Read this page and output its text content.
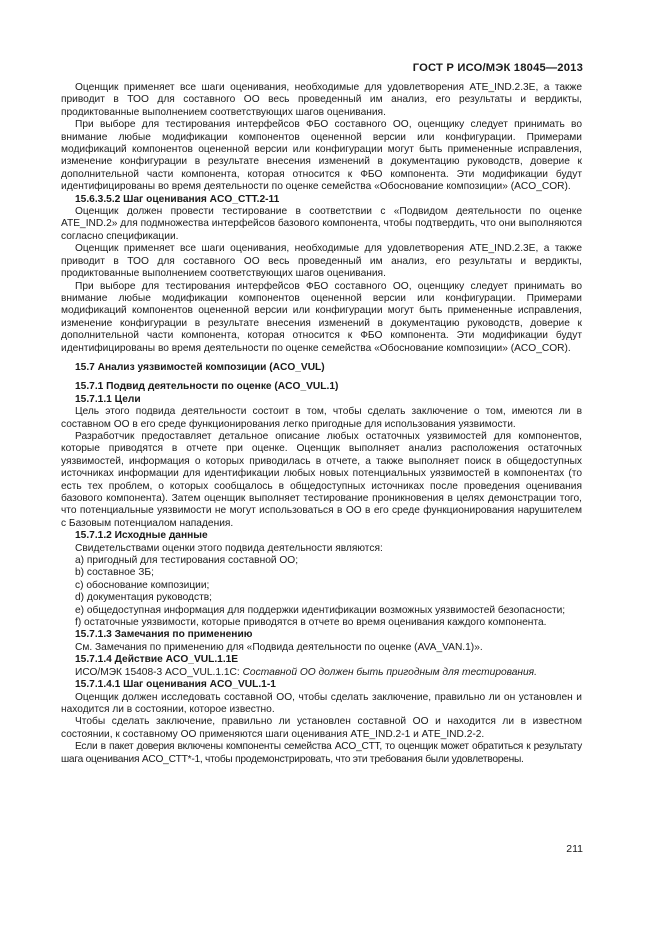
ГОСТ Р ИСО/МЭК 18045—2013

Оценщик применяет все шаги оценивания, необходимые для удовлетворения ATE_IND.2.3E, а также приводит в ТОО для составного ОО весь проведенный им анализ, его результаты и вердикты, продиктованные выполнением соответствующих шагов оценивания.

При выборе для тестирования интерфейсов ФБО составного ОО, оценщику следует принимать во внимание любые модификации компонентов оцененной версии или конфигурации. Примерами модификаций компонентов оцененной версии или конфигурации могут быть примененные исправления, изменение конфигурации в результате внесения изменений в документацию руководств, доверие к дополнительной части компонента, которая относится к ФБО компонента. Эти модификации будут идентифицированы во время деятельности по оценке семейства «Обоснование композиции» (ACO_COR).

15.6.3.5.2 Шаг оценивания ACO_CTT.2-11

Оценщик должен провести тестирование в соответствии с «Подвидом деятельности по оценке ATE_IND.2» для подмножества интерфейсов базового компонента, чтобы подтвердить, что они выполняются согласно спецификации.

Оценщик применяет все шаги оценивания, необходимые для удовлетворения ATE_IND.2.3E, а также приводит в ТОО для составного ОО весь проведенный им анализ, его результаты и вердикты, продиктованные выполнением соответствующих шагов оценивания.

При выборе для тестирования интерфейсов ФБО составного ОО, оценщику следует принимать во внимание любые модификации компонентов оцененной версии или конфигурации. Примерами модификаций компонентов оцененной версии или конфигурации могут быть примененные исправления, изменение конфигурации в результате внесения изменений в документацию руководств, доверие к дополнительной части компонента, которая относится к ФБО компонента. Эти модификации будут идентифицированы во время деятельности по оценке семейства «Обоснование композиции» (ACO_COR).

15.7 Анализ уязвимостей композиции (ACO_VUL)

15.7.1 Подвид деятельности по оценке (ACO_VUL.1)

15.7.1.1 Цели

Цель этого подвида деятельности состоит в том, чтобы сделать заключение о том, имеются ли в составном ОО в его среде функционирования легко пригодные для использования уязвимости.

Разработчик предоставляет детальное описание любых остаточных уязвимостей для компонентов, которые приводятся в отчете при оценке. Оценщик выполняет анализ расположения остаточных уязвимостей, информация о которых приводилась в отчете, а также выполняет поиск в общедоступных источниках информации для идентификации любых новых потенциальных уязвимостей в компонентах (то есть тех проблем, о которых сообщалось в общедоступных источниках после проведения оценивания базового компонента). Затем оценщик выполняет тестирование проникновения в целях демонстрации того, что потенциальные уязвимости не могут использоваться в ОО в его среде функционирования нарушителем с Базовым потенциалом нападения.

15.7.1.2 Исходные данные

Свидетельствами оценки этого подвида деятельности являются:

a) пригодный для тестирования составной ОО;

b) составное ЗБ;

c) обоснование композиции;

d) документация руководств;

e) общедоступная информация для поддержки идентификации возможных уязвимостей безопасности;

f) остаточные уязвимости, которые приводятся в отчете во время оценивания каждого компонента.

15.7.1.3 Замечания по применению

См. Замечания по применению для «Подвида деятельности по оценке (AVA_VAN.1)».

15.7.1.4 Действие ACO_VUL.1.1E

ИСО/МЭК 15408-3 ACO_VUL.1.1C: Составной ОО должен быть пригодным для тестирования.

15.7.1.4.1 Шаг оценивания ACO_VUL.1-1

Оценщик должен исследовать составной ОО, чтобы сделать заключение, правильно ли он установлен и находится ли в состоянии, которое известно.

Чтобы сделать заключение, правильно ли установлен составной ОО и находится ли в известном состоянии, к составному ОО применяются шаги оценивания ATE_IND.2-1 и ATE_IND.2-2.

Если в пакет доверия включены компоненты семейства ACO_CTT, то оценщик может обратиться к результату шага оценивания ACO_CTT*-1, чтобы продемонстрировать, что эти требования были удовлетворены.

211
